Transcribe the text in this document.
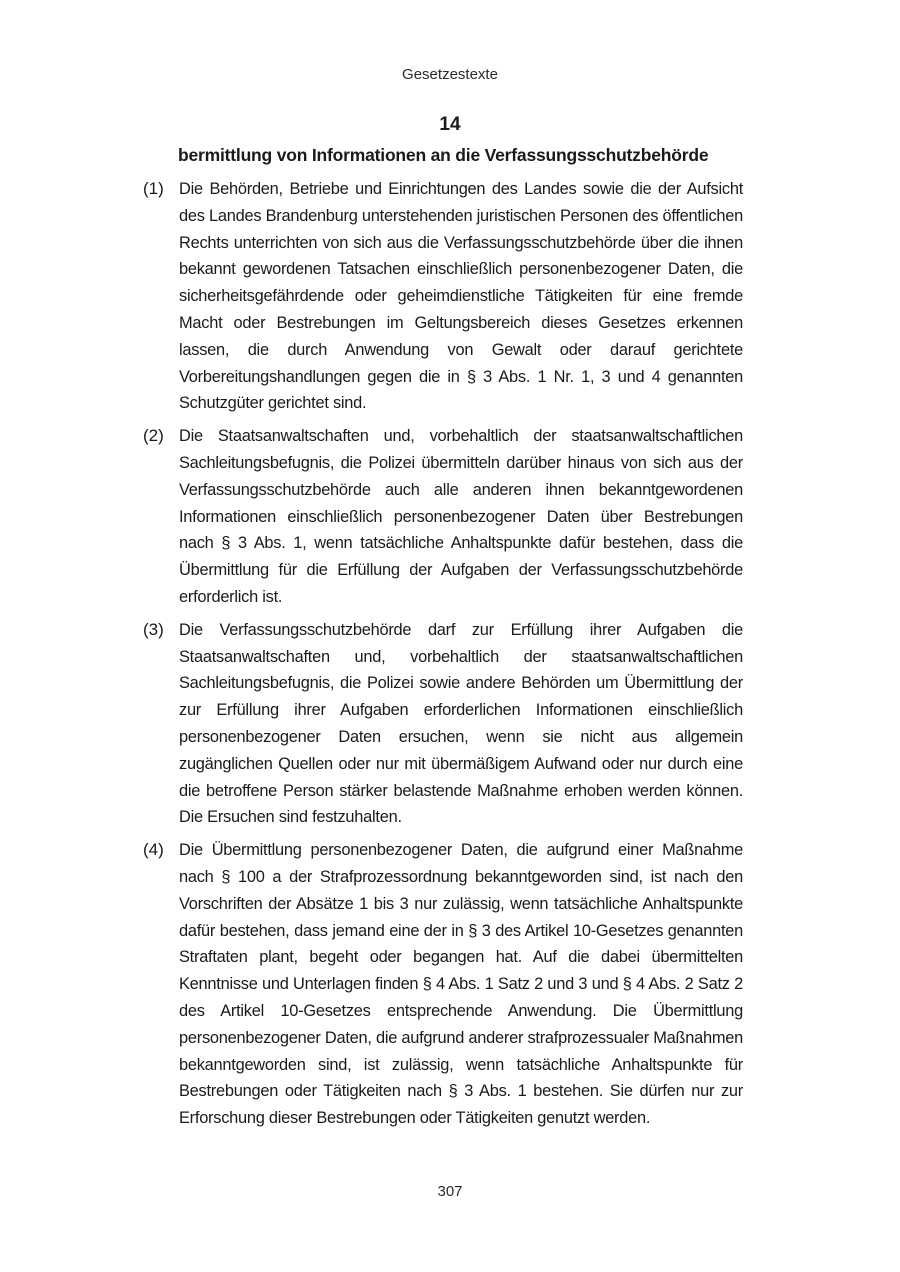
Gesetzestexte
14
bermittlung von Informationen an die Verfassungsschutzbehörde
(1) Die Behörden, Betriebe und Einrichtungen des Landes sowie die der Aufsicht des Landes Brandenburg unterstehenden juristischen Personen des öffentlichen Rechts unterrichten von sich aus die Verfassungsschutzbehörde über die ihnen bekannt gewordenen Tatsachen einschließlich personenbezogener Daten, die sicherheitsgefährdende oder geheimdienstliche Tätigkeiten für eine fremde Macht oder Bestrebungen im Geltungsbereich dieses Gesetzes erkennen lassen, die durch Anwendung von Gewalt oder darauf gerichtete Vorbereitungshandlungen gegen die in § 3 Abs. 1 Nr. 1, 3 und 4 genannten Schutzgüter gerichtet sind.
(2) Die Staatsanwaltschaften und, vorbehaltlich der staatsanwaltschaftlichen Sachleitungsbefugnis, die Polizei übermitteln darüber hinaus von sich aus der Verfassungsschutzbehörde auch alle anderen ihnen bekanntgewordenen Informationen einschließlich personenbezogener Daten über Bestrebungen nach § 3 Abs. 1, wenn tatsächliche Anhaltspunkte dafür bestehen, dass die Übermittlung für die Erfüllung der Aufgaben der Verfassungsschutzbehörde erforderlich ist.
(3) Die Verfassungsschutzbehörde darf zur Erfüllung ihrer Aufgaben die Staatsanwaltschaften und, vorbehaltlich der staatsanwaltschaftlichen Sachleitungsbefugnis, die Polizei sowie andere Behörden um Übermittlung der zur Erfüllung ihrer Aufgaben erforderlichen Informationen einschließlich personenbezogener Daten ersuchen, wenn sie nicht aus allgemein zugänglichen Quellen oder nur mit übermäßigem Aufwand oder nur durch eine die betroffene Person stärker belastende Maßnahme erhoben werden können. Die Ersuchen sind festzuhalten.
(4) Die Übermittlung personenbezogener Daten, die aufgrund einer Maßnahme nach § 100 a der Strafprozessordnung bekanntgeworden sind, ist nach den Vorschriften der Absätze 1 bis 3 nur zulässig, wenn tatsächliche Anhaltspunkte dafür bestehen, dass jemand eine der in § 3 des Artikel 10-Gesetzes genannten Straftaten plant, begeht oder begangen hat. Auf die dabei übermittelten Kenntnisse und Unterlagen finden § 4 Abs. 1 Satz 2 und 3 und § 4 Abs. 2 Satz 2 des Artikel 10-Gesetzes entsprechende Anwendung. Die Übermittlung personenbezogener Daten, die aufgrund anderer strafprozessualer Maßnahmen bekanntgeworden sind, ist zulässig, wenn tatsächliche Anhaltspunkte für Bestrebungen oder Tätigkeiten nach § 3 Abs. 1 bestehen. Sie dürfen nur zur Erforschung dieser Bestrebungen oder Tätigkeiten genutzt werden.
307
